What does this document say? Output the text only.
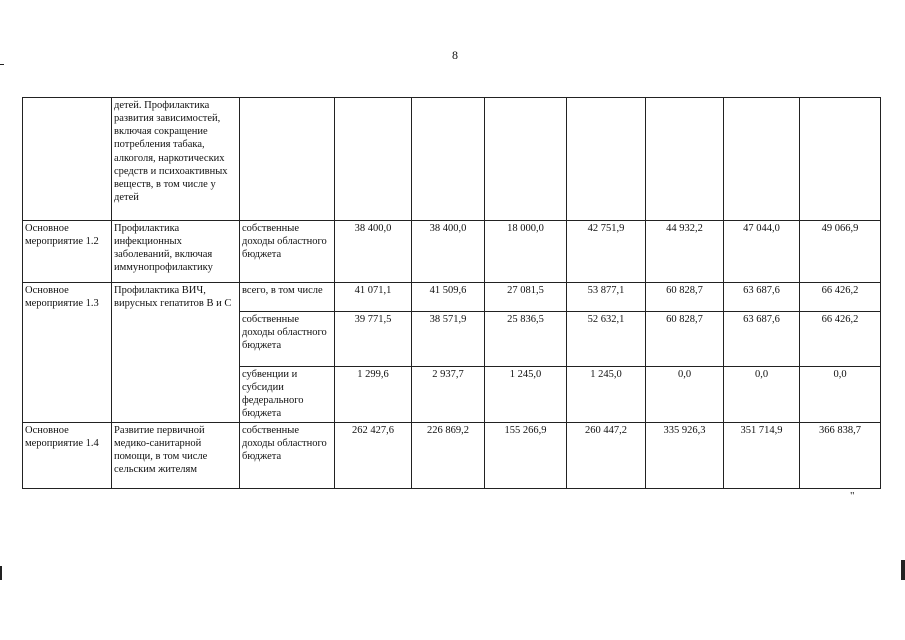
8
	детей. Профилактика развития зависимостей, включая сокращение потребления табака, алкоголя, наркотических средств и психоактивных веществ, в том числе у детей								
Основное мероприятие 1.2	Профилактика инфекционных заболеваний, включая иммунопрофилактику	собственные доходы областного бюджета	38 400,0	38 400,0	18 000,0	42 751,9	44 932,2	47 044,0	49 066,9
Основное мероприятие 1.3	Профилактика ВИЧ, вирусных гепатитов В и С	всего, в том числе	41 071,1	41 509,6	27 081,5	53 877,1	60 828,7	63 687,6	66 426,2
		собственные доходы областного бюджета	39 771,5	38 571,9	25 836,5	52 632,1	60 828,7	63 687,6	66 426,2
		субвенции и субсидии федерального бюджета	1 299,6	2 937,7	1 245,0	1 245,0	0,0	0,0	0,0
Основное мероприятие 1.4	Развитие первичной медико-санитарной помощи, в том числе сельским жителям	собственные доходы областного бюджета	262 427,6	226 869,2	155 266,9	260 447,2	335 926,3	351 714,9	366 838,7
"
